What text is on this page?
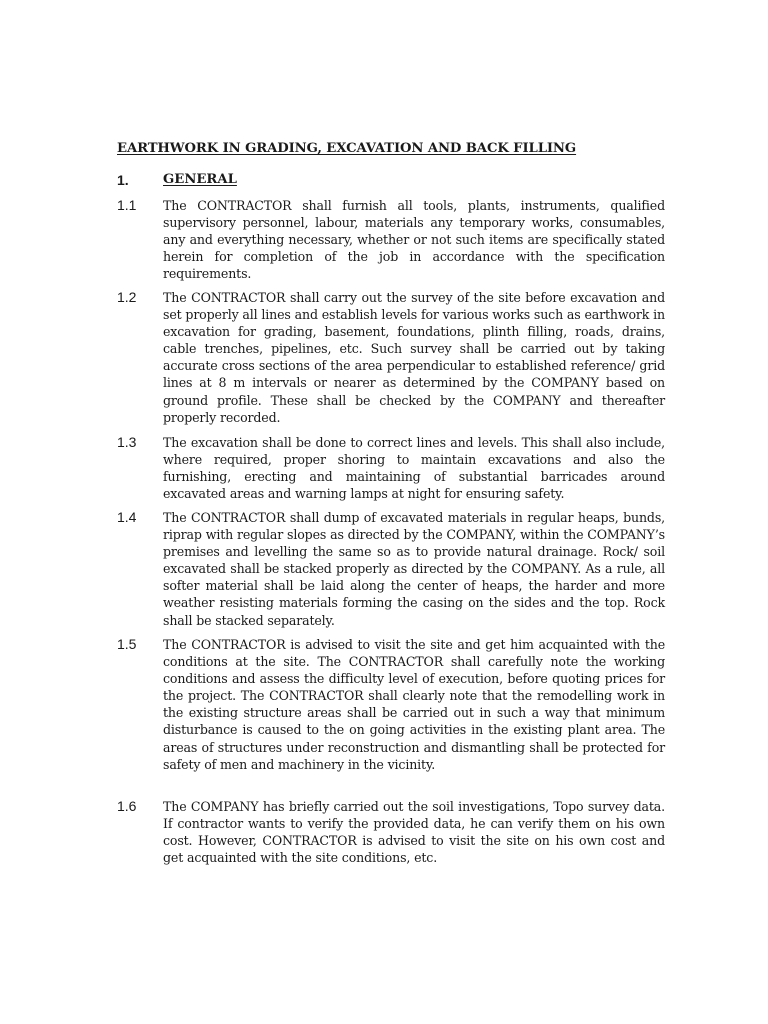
EARTHWORK IN GRADING, EXCAVATION AND BACK FILLING
1.	GENERAL
1.1 The CONTRACTOR shall furnish all tools, plants, instruments, qualified supervisory personnel, labour, materials any temporary works, consumables, any and everything necessary, whether or not such items are specifically stated herein for completion of the job in accordance with the specification requirements.
1.2 The CONTRACTOR shall carry out the survey of the site before excavation and set properly all lines and establish levels for various works such as earthwork in excavation for grading, basement, foundations, plinth filling, roads, drains, cable trenches, pipelines, etc. Such survey shall be carried out by taking accurate cross sections of the area perpendicular to established reference/ grid lines at 8 m intervals or nearer as determined by the COMPANY based on ground profile. These shall be checked by the COMPANY and thereafter properly recorded.
1.3 The excavation shall be done to correct lines and levels. This shall also include, where required, proper shoring to maintain excavations and also the furnishing, erecting and maintaining of substantial barricades around excavated areas and warning lamps at night for ensuring safety.
1.4 The CONTRACTOR shall dump of excavated materials in regular heaps, bunds, riprap with regular slopes as directed by the COMPANY, within the COMPANY’s premises and levelling the same so as to provide natural drainage. Rock/ soil excavated shall be stacked properly as directed by the COMPANY. As a rule, all softer material shall be laid along the center of heaps, the harder and more weather resisting materials forming the casing on the sides and the top. Rock shall be stacked separately.
1.5 The CONTRACTOR is advised to visit the site and get him acquainted with the conditions at the site. The CONTRACTOR shall carefully note the working conditions and assess the difficulty level of execution, before quoting prices for the project. The CONTRACTOR shall clearly note that the remodelling work in the existing structure areas shall be carried out in such a way that minimum disturbance is caused to the on going activities in the existing plant area. The areas of structures under reconstruction and dismantling shall be protected for safety of men and machinery in the vicinity.
1.6 The COMPANY has briefly carried out the soil investigations, Topo survey data. If contractor wants to verify the provided data, he can verify them on his own cost. However, CONTRACTOR is advised to visit the site on his own cost and get acquainted with the site conditions, etc.
